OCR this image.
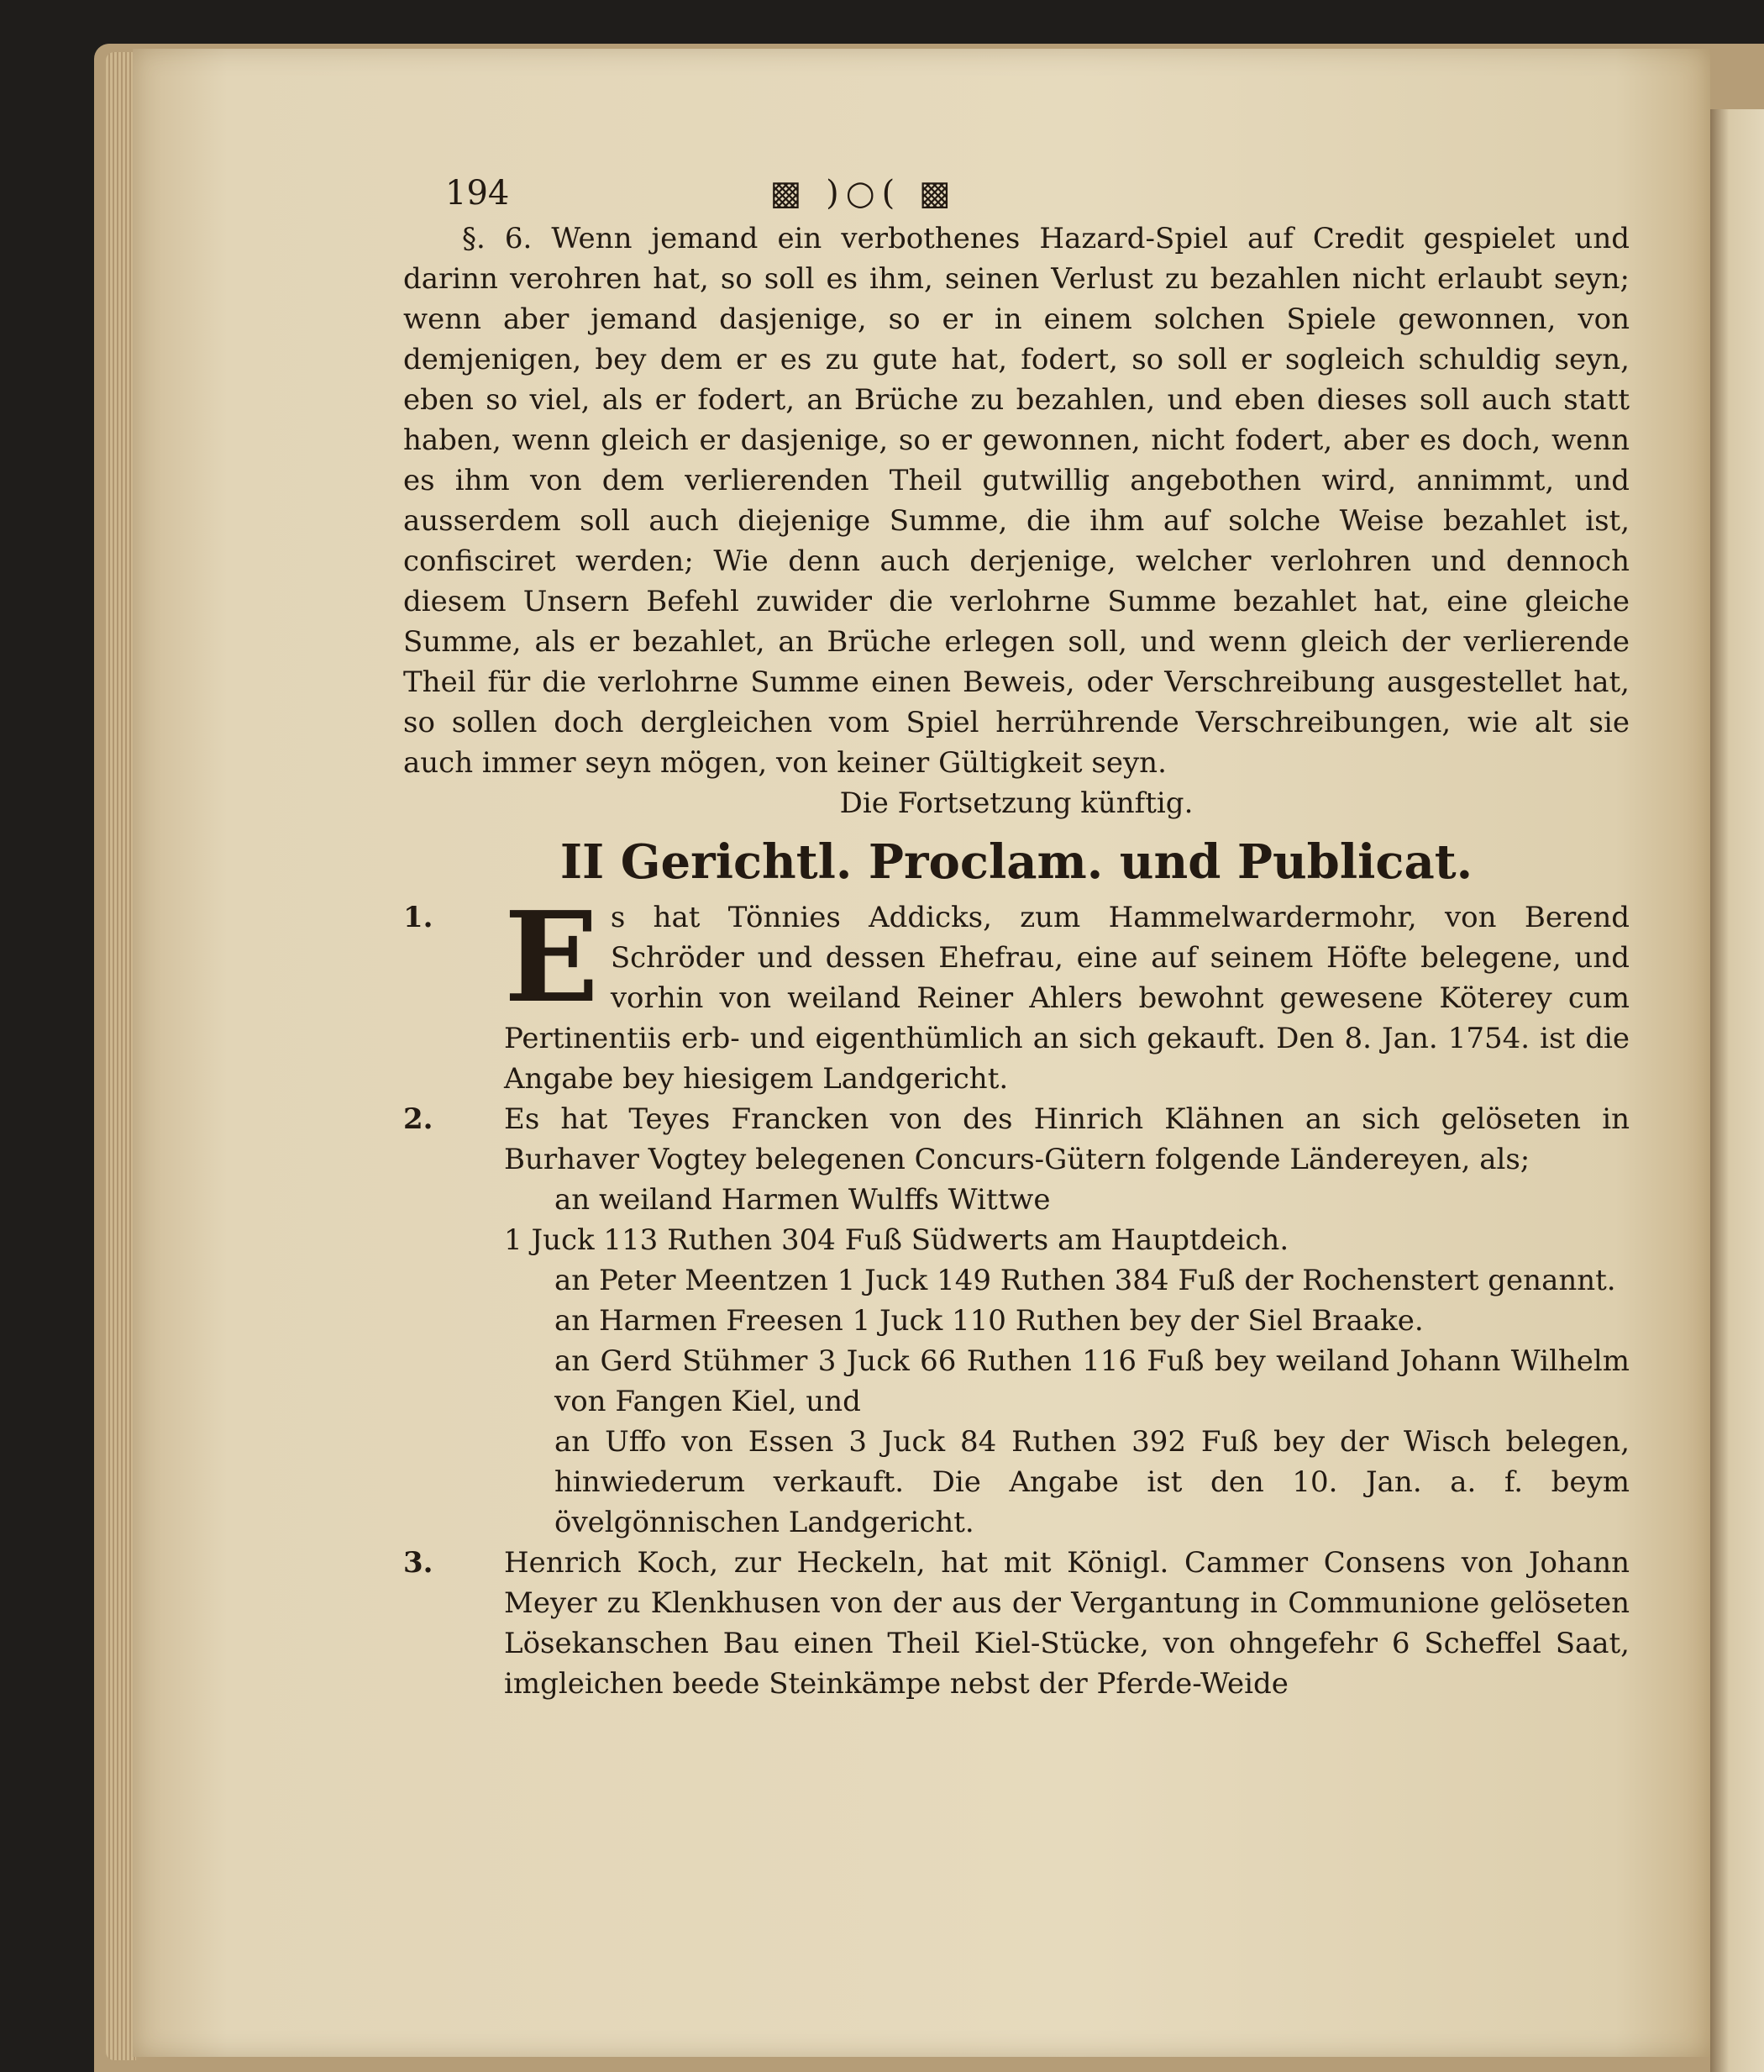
194	▩ )○( ▩

§. 6. Wenn jemand ein verbothenes Hazard-Spiel auf Credit gespielet und darinn verohren hat, so soll es ihm, seinen Verlust zu bezahlen nicht erlaubt seyn; wenn aber jemand dasjenige, so er in einem solchen Spiele gewonnen, von demjenigen, bey dem er es zu gute hat, fodert, so soll er sogleich schuldig seyn, eben so viel, als er fodert, an Brüche zu bezahlen, und eben dieses soll auch statt haben, wenn gleich er dasjenige, so er gewonnen, nicht fodert, aber es doch, wenn es ihm von dem verlierenden Theil gutwillig angebothen wird, annimmt, und ausserdem soll auch diejenige Summe, die ihm auf solche Weise bezahlet ist, confisciret werden; Wie denn auch derjenige, welcher verlohren und dennoch diesem Unsern Befehl zuwider die verlohrne Summe bezahlet hat, eine gleiche Summe, als er bezahlet, an Brüche erlegen soll, und wenn gleich der verlierende Theil für die verlohrne Summe einen Beweis, oder Verschreibung ausgestellet hat, so sollen doch dergleichen vom Spiel herrührende Verschreibungen, wie alt sie auch immer seyn mögen, von keiner Gültigkeit seyn.

Die Fortsetzung künftig.

II Gerichtl. Proclam. und Publicat.
1. Es hat Tönnies Addicks, zum Hammelwardermohr, von Berend Schröder und dessen Ehefrau, eine auf seinem Höfte belegene, und vorhin von weiland Reiner Ahlers bewohnt gewesene Köterey cum Pertinentiis erb- und eigenthümlich an sich gekauft. Den 8. Jan. 1754. ist die Angabe bey hiesigem Landgericht.

2. Es hat Teyes Francken von des Hinrich Klähnen an sich gelöseten in Burhaver Vogtey belegenen Concurs-Gütern folgende Ländereyen, als;

an weiland Harmen Wulffs Wittwe

1 Juck 113 Ruthen 304 Fuß Südwerts am Hauptdeich.

an Peter Meentzen 1 Juck 149 Ruthen 384 Fuß der Rochenstert genannt.

an Harmen Freesen 1 Juck 110 Ruthen bey der Siel Braake.

an Gerd Stühmer 3 Juck 66 Ruthen 116 Fuß bey weiland Johann Wilhelm von Fangen Kiel, und

an Uffo von Essen 3 Juck 84 Ruthen 392 Fuß bey der Wisch belegen, hinwiederum verkauft. Die Angabe ist den 10. Jan. a. f. beym övelgönnischen Landgericht.

3. Henrich Koch, zur Heckeln, hat mit Königl. Cammer Consens von Johann Meyer zu Klenkhusen von der aus der Vergantung in Communione gelöseten Lösekanschen Bau einen Theil Kiel-Stücke, von ohngefehr 6 Scheffel Saat, imgleichen beede Steinkämpe nebst der Pferde-Weide
